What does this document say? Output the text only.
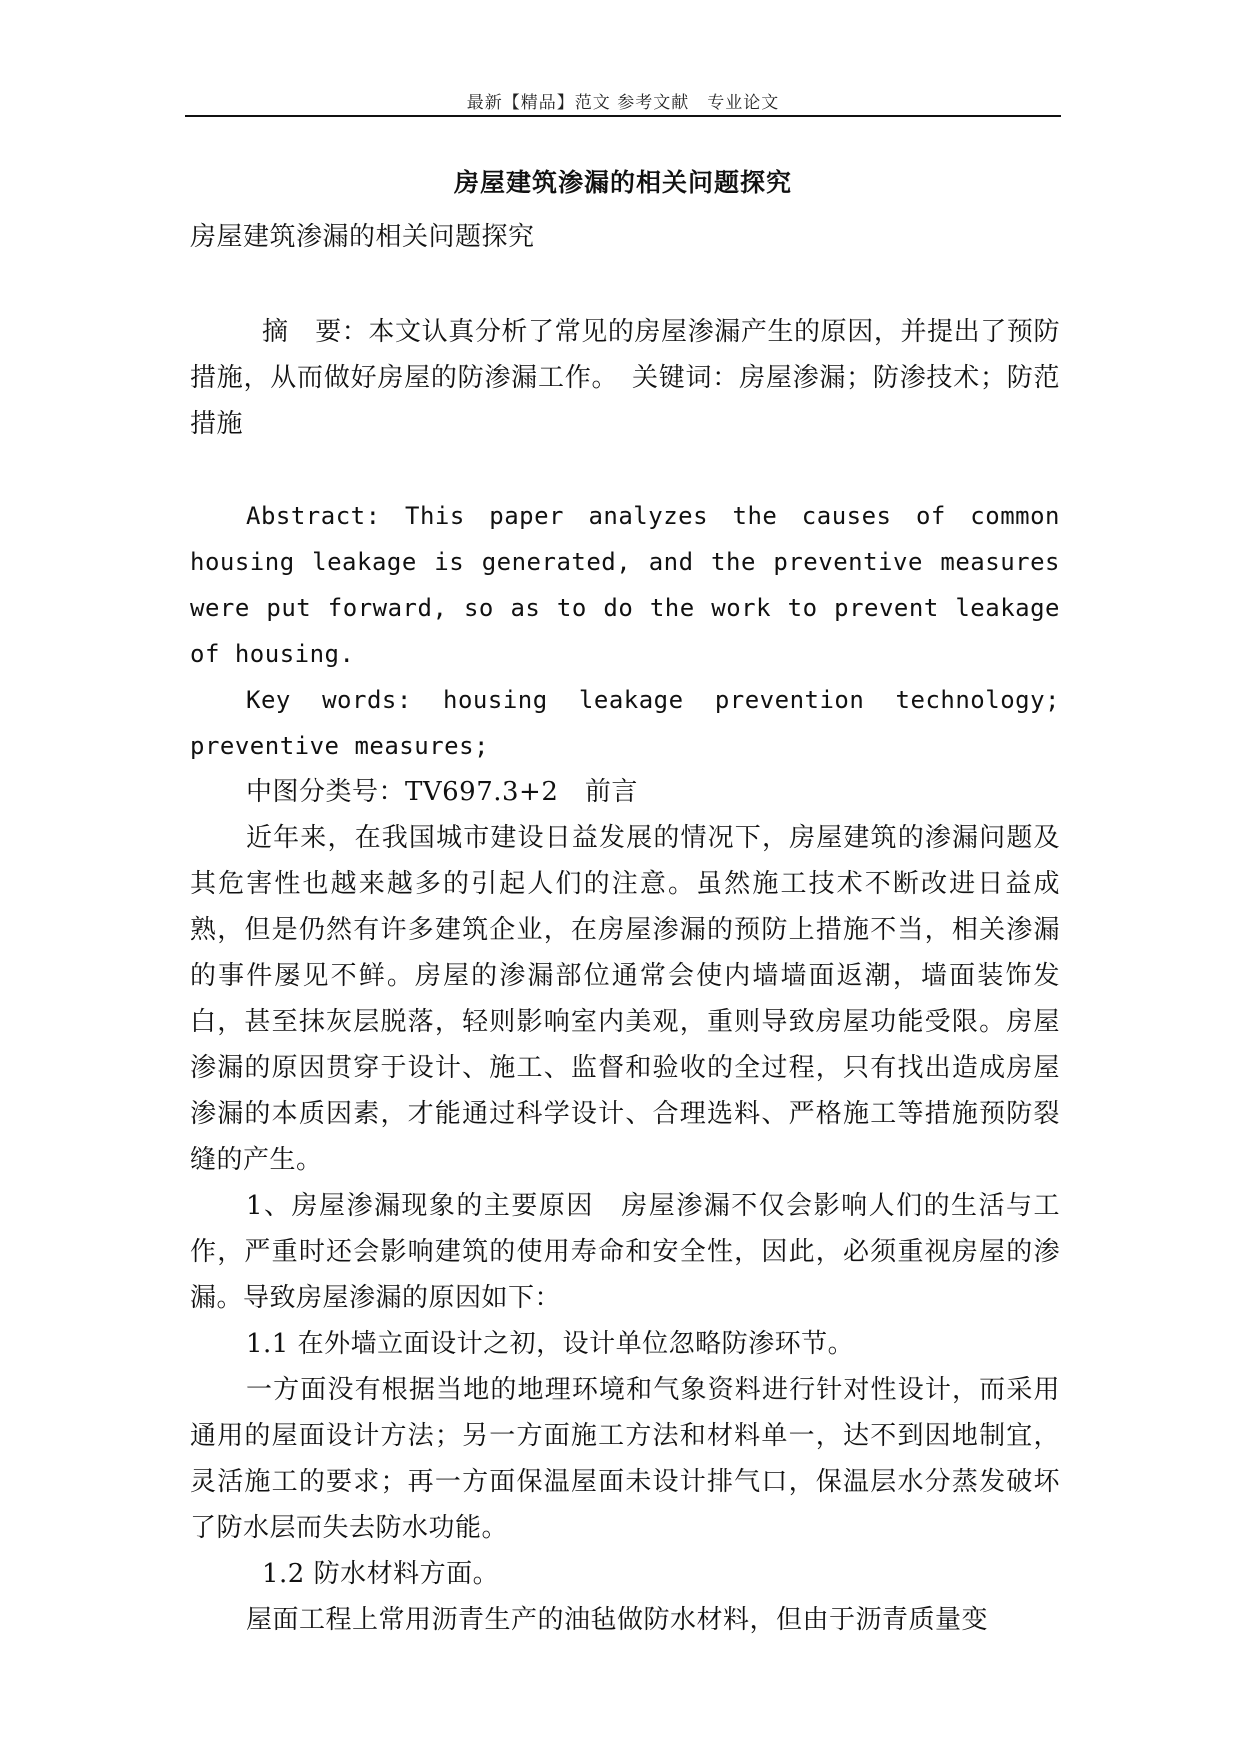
最新【精品】范文 参考文献　专业论文
房屋建筑渗漏的相关问题探究

房屋建筑渗漏的相关问题探究

摘　要：本文认真分析了常见的房屋渗漏产生的原因，并提出了预防措施，从而做好房屋的防渗漏工作。　关键词：房屋渗漏；防渗技术；防范措施

Abstract: This paper analyzes the causes of common housing leakage is generated, and the preventive measures were put forward, so as to do the work to prevent leakage of housing.

Key words: housing leakage prevention technology; preventive measures;

中图分类号：TV697.3+2　前言

近年来，在我国城市建设日益发展的情况下，房屋建筑的渗漏问题及其危害性也越来越多的引起人们的注意。虽然施工技术不断改进日益成熟，但是仍然有许多建筑企业，在房屋渗漏的预防上措施不当，相关渗漏的事件屡见不鲜。房屋的渗漏部位通常会使内墙墙面返潮，墙面装饰发白，甚至抹灰层脱落，轻则影响室内美观，重则导致房屋功能受限。房屋渗漏的原因贯穿于设计、施工、监督和验收的全过程，只有找出造成房屋渗漏的本质因素，才能通过科学设计、合理选料、严格施工等措施预防裂缝的产生。

1、房屋渗漏现象的主要原因　房屋渗漏不仅会影响人们的生活与工作，严重时还会影响建筑的使用寿命和安全性，因此，必须重视房屋的渗漏。导致房屋渗漏的原因如下：

1.1 在外墙立面设计之初，设计单位忽略防渗环节。

一方面没有根据当地的地理环境和气象资料进行针对性设计，而采用通用的屋面设计方法；另一方面施工方法和材料单一，达不到因地制宜，灵活施工的要求；再一方面保温屋面未设计排气口，保温层水分蒸发破坏了防水层而失去防水功能。

1.2 防水材料方面。

屋面工程上常用沥青生产的油毡做防水材料，但由于沥青质量变
